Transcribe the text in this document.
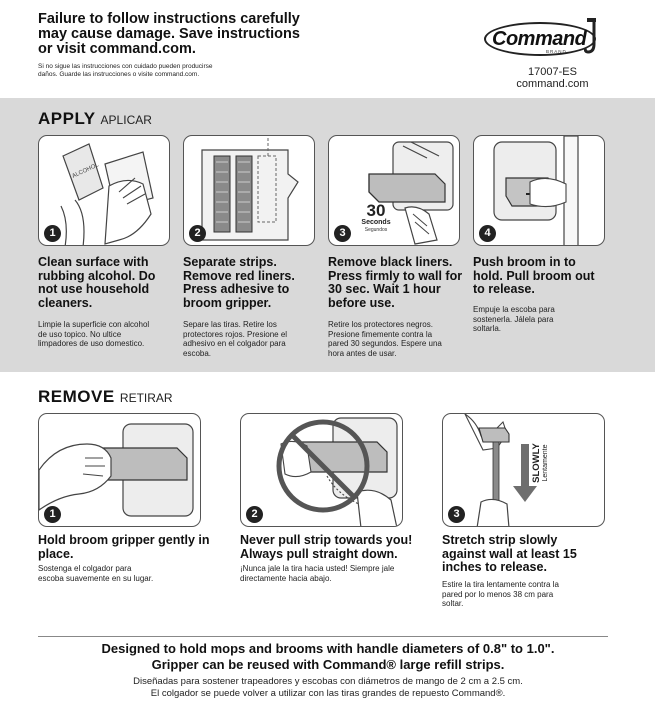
Failure to follow instructions carefully may cause damage. Save instructions or visit command.com.
Si no sigue las instrucciones con cuidado pueden producirse daños. Guarde las instrucciones o visite command.com.
Command
BRAND
17007-ES
command.com
APPLY APLICAR
ALCOHOL
1
Clean surface with rubbing alcohol. Do not use household cleaners.
Limpie la superficie con alcohol de uso topico. No ultice limpadores de uso domestico.
2
Separate strips. Remove red liners. Press adhesive to broom gripper.
Separe las tiras. Retire los protectores rojos. Presione el adhesivo en el colgador para escoba.
30
Seconds
Segundos
3
Remove black liners. Press firmly to wall for 30 sec. Wait 1 hour before use.
Retire los protectores negros. Presione fimemente contra la pared 30 segundos. Espere una hora antes de usar.
4
Push broom in to hold. Pull broom out to release.
Empuje la escoba para sostenerla. Jálela para soltarla.
REMOVE RETIRAR
1
Hold broom gripper gently in place.
Sostenga el colgador para escoba suavemente en su lugar.
2
Never pull strip towards you! Always pull straight down.
¡Nunca jale la tira hacia usted! Siempre jale directamente hacia abajo.
SLOWLY Lentamente
3
Stretch strip slowly against wall at least 15 inches to release.
Estire la tira lentamente contra la pared por lo menos 38 cm para soltar.
Designed to hold mops and brooms with handle diameters of 0.8" to 1.0".
Gripper can be reused with Command® large refill strips.
Diseñadas para sostener trapeadores y escobas con diámetros de mango de 2 cm a 2.5 cm.
El colgador se puede volver a utilizar con las tiras grandes de repuesto Command®.
